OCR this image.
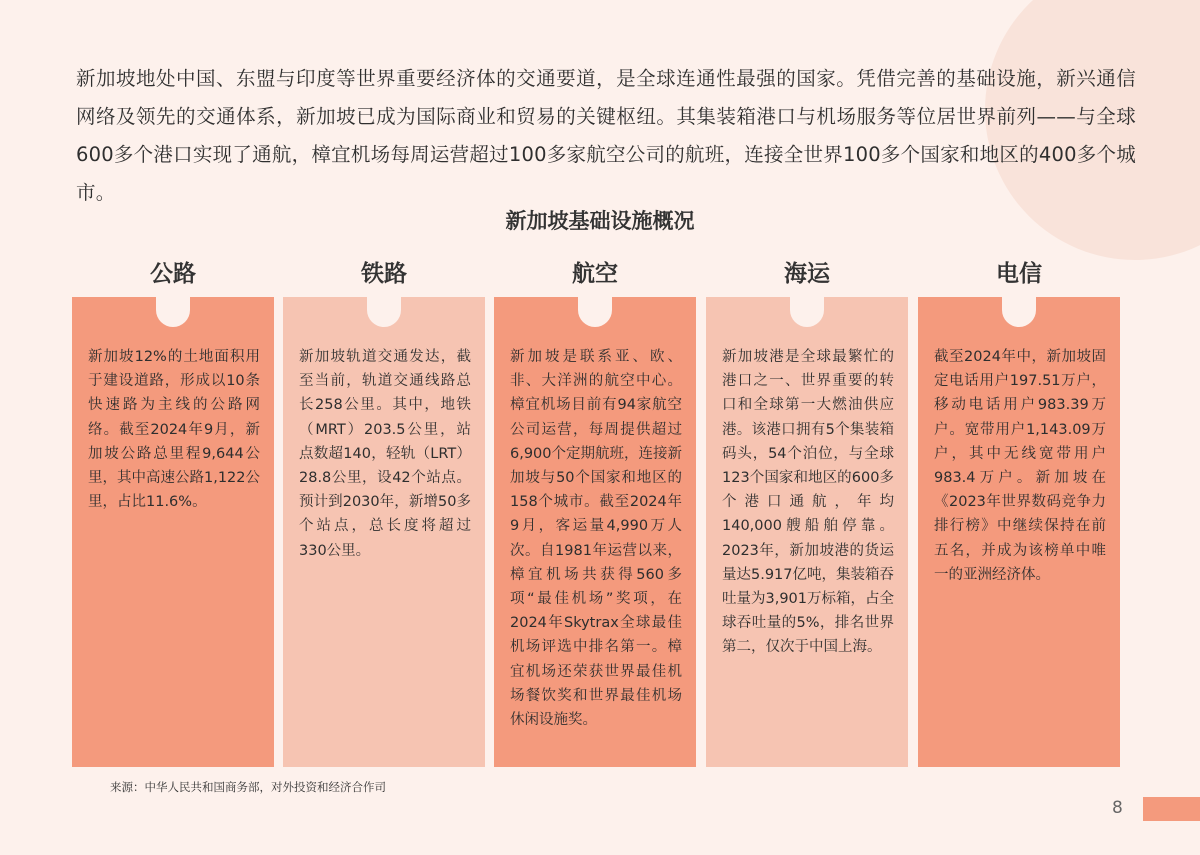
新加坡地处中国、东盟与印度等世界重要经济体的交通要道，是全球连通性最强的国家。凭借完善的基础设施，新兴通信网络及领先的交通体系，新加坡已成为国际商业和贸易的关键枢纽。其集装箱港口与机场服务等位居世界前列——与全球600多个港口实现了通航，樟宜机场每周运营超过100多家航空公司的航班，连接全世界100多个国家和地区的400多个城市。

新加坡基础设施概况
公路
新加坡12%的土地面积用于建设道路，形成以10条快速路为主线的公路网络。截至2024年9月，新加坡公路总里程9,644公里，其中高速公路1,122公里，占比11.6%。
铁路
新加坡轨道交通发达，截至当前，轨道交通线路总长258公里。其中，地铁（MRT）203.5公里，站点数超140，轻轨（LRT）28.8公里，设42个站点。预计到2030年，新增50多个站点，总长度将超过330公里。
航空
新加坡是联系亚、欧、非、大洋洲的航空中心。樟宜机场目前有94家航空公司运营，每周提供超过6,900个定期航班，连接新加坡与50个国家和地区的158个城市。截至2024年9月，客运量4,990万人次。自1981年运营以来，樟宜机场共获得560多项“最佳机场”奖项，在2024年Skytrax全球最佳机场评选中排名第一。樟宜机场还荣获世界最佳机场餐饮奖和世界最佳机场休闲设施奖。
海运
新加坡港是全球最繁忙的港口之一、世界重要的转口和全球第一大燃油供应港。该港口拥有5个集装箱码头，54个泊位，与全球123个国家和地区的600多个港口通航，年均140,000艘船舶停靠。2023年，新加坡港的货运量达5.917亿吨，集装箱吞吐量为3,901万标箱，占全球吞吐量的5%，排名世界第二，仅次于中国上海。
电信
截至2024年中，新加坡固定电话用户197.51万户，移动电话用户983.39万户。宽带用户1,143.09万户，其中无线宽带用户983.4万户。新加坡在《2023年世界数码竞争力排行榜》中继续保持在前五名，并成为该榜单中唯一的亚洲经济体。
来源：中华人民共和国商务部，对外投资和经济合作司
8
